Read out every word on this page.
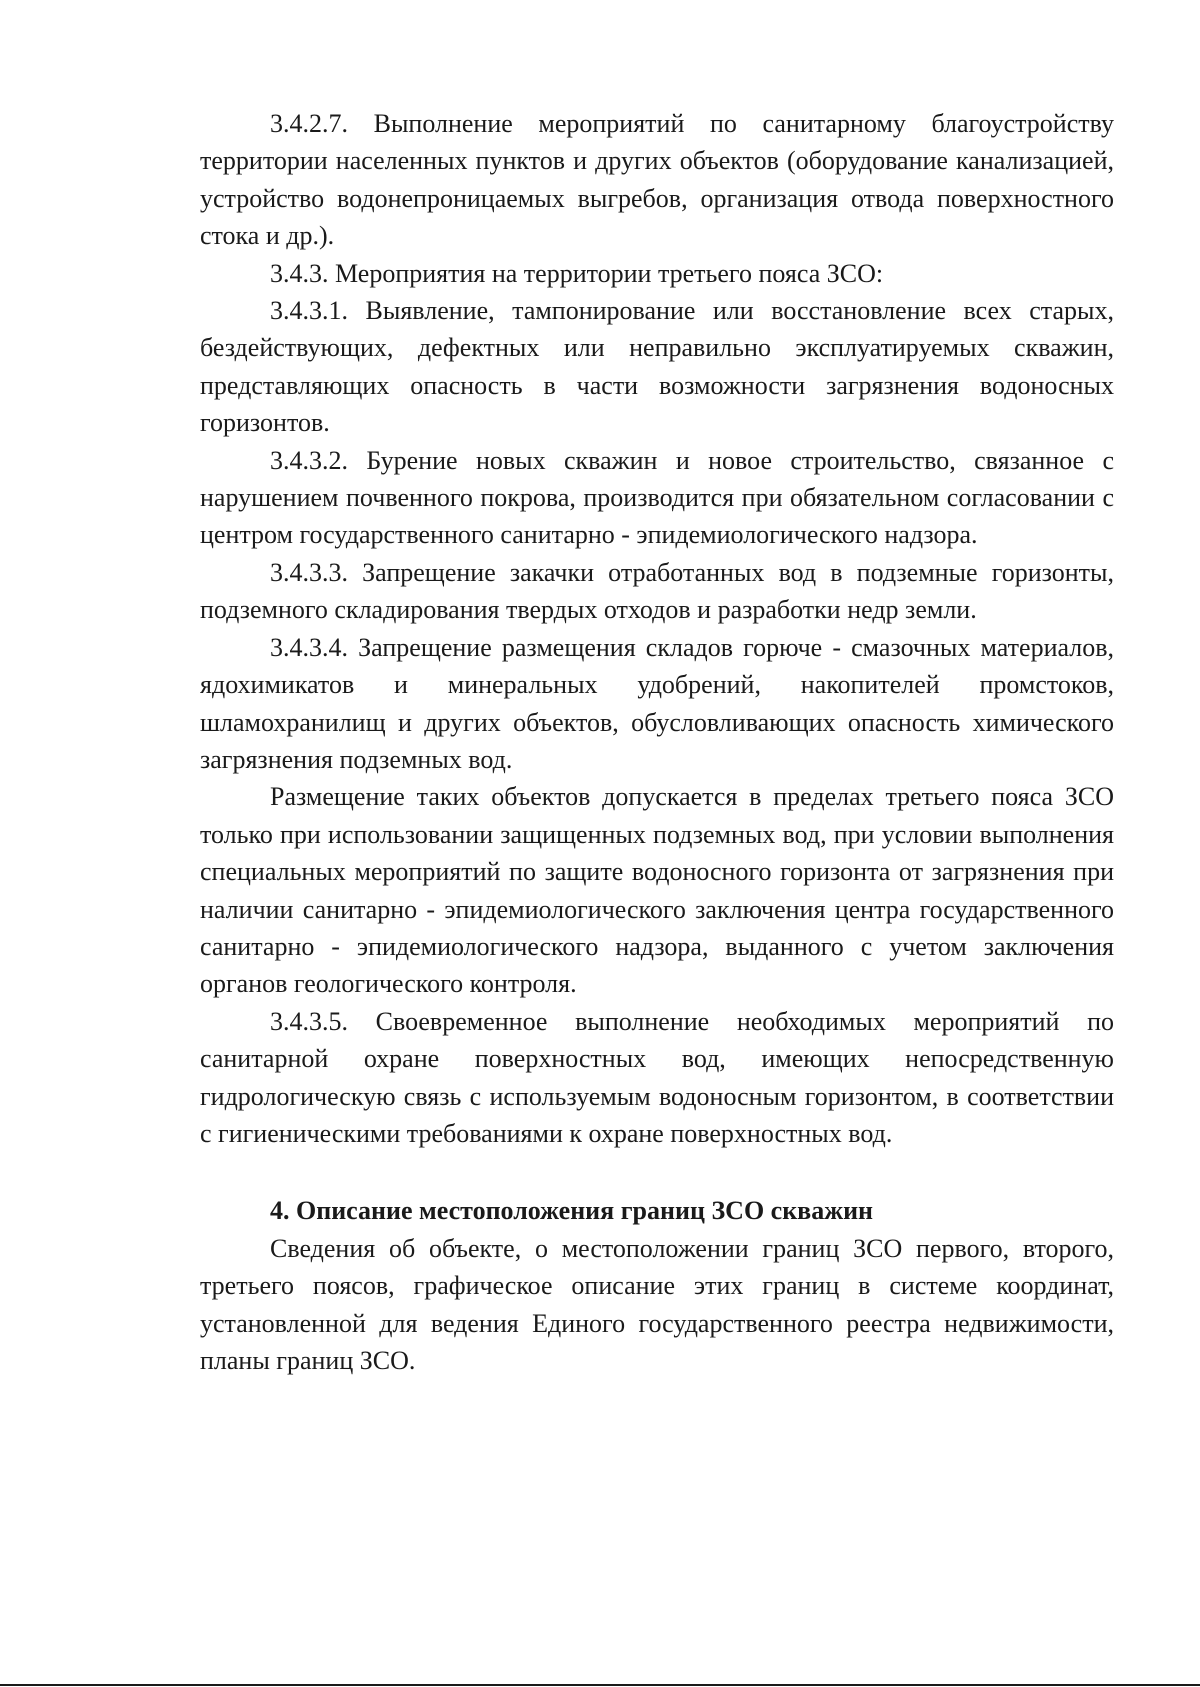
3.4.2.7. Выполнение мероприятий по санитарному благоустройству территории населенных пунктов и других объектов (оборудование канализацией, устройство водонепроницаемых выгребов, организация отвода поверхностного стока и др.).

3.4.3. Мероприятия на территории третьего пояса ЗСО:

3.4.3.1. Выявление, тампонирование или восстановление всех старых, бездействующих, дефектных или неправильно эксплуатируемых скважин, представляющих опасность в части возможности загрязнения водоносных горизонтов.

3.4.3.2. Бурение новых скважин и новое строительство, связанное с нарушением почвенного покрова, производится при обязательном согласовании с центром государственного санитарно - эпидемиологического надзора.

3.4.3.3. Запрещение закачки отработанных вод в подземные горизонты, подземного складирования твердых отходов и разработки недр земли.

3.4.3.4. Запрещение размещения складов горюче - смазочных материалов, ядохимикатов и минеральных удобрений, накопителей промстоков, шламохранилищ и других объектов, обусловливающих опасность химического загрязнения подземных вод.

Размещение таких объектов допускается в пределах третьего пояса ЗСО только при использовании защищенных подземных вод, при условии выполнения специальных мероприятий по защите водоносного горизонта от загрязнения при наличии санитарно - эпидемиологического заключения центра государственного санитарно - эпидемиологического надзора, выданного с учетом заключения органов геологического контроля.

3.4.3.5. Своевременное выполнение необходимых мероприятий по санитарной охране поверхностных вод, имеющих непосредственную гидрологическую связь с используемым водоносным горизонтом, в соответствии с гигиеническими требованиями к охране поверхностных вод.

4. Описание местоположения границ ЗСО скважин

Сведения об объекте, о местоположении границ ЗСО первого, второго, третьего поясов, графическое описание этих границ в системе координат, установленной для ведения Единого государственного реестра недвижимости, планы границ ЗСО.
